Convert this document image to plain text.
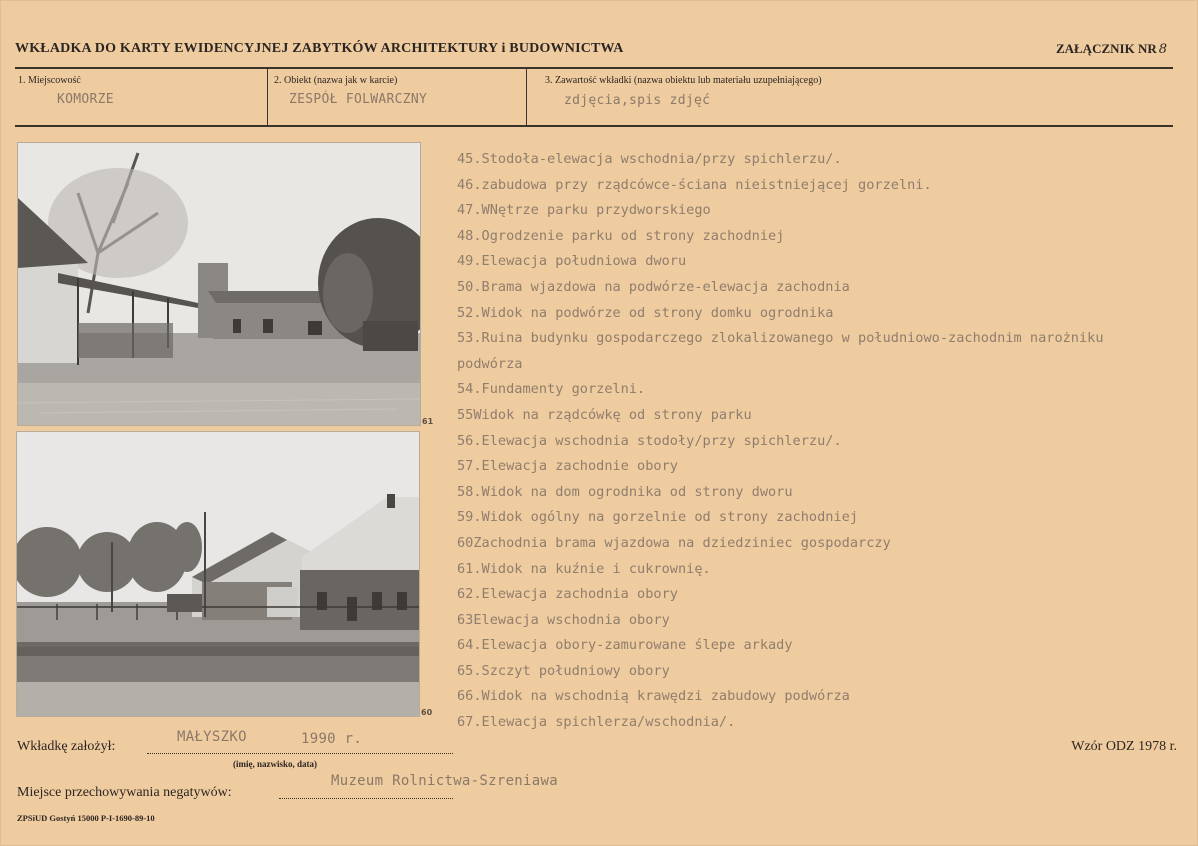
WKŁADKA DO KARTY EWIDENCYJNEJ ZABYTKÓW ARCHITEKTURY i BUDOWNICTWA	ZAŁĄCZNIK NR 8
1. Miejscowość
KOMORZE
2. Obiekt (nazwa jak w karcie)
ZESPÓŁ FOLWARCZNY
3. Zawartość wkładki (nazwa obiektu lub materiału uzupełniającego)
zdjęcia,spis zdjęć
61
60
45.Stodoła-elewacja wschodnia/przy spichlerzu/.
46.zabudowa przy rządcówce-ściana nieistniejącej gorzelni.
47.WNętrze parku przydworskiego
48.Ogrodzenie parku od strony zachodniej
49.Elewacja południowa dworu
50.Brama wjazdowa na podwórze-elewacja zachodnia
52.Widok na podwórze od strony domku ogrodnika
53.Ruina budynku gospodarczego zlokalizowanego w południowo-zachodnim narożniku podwórza
54.Fundamenty gorzelni.
55Widok na rządcówkę od strony parku
56.Elewacja wschodnia stodoły/przy spichlerzu/.
57.Elewacja zachodnie obory
58.Widok na dom ogrodnika od strony dworu
59.Widok ogólny na gorzelnie od strony zachodniej
60Zachodnia brama wjazdowa na dziedziniec gospodarczy
61.Widok na kuźnie i cukrownię.
62.Elewacja zachodnia obory
63Elewacja wschodnia obory
64.Elewacja obory-zamurowane ślepe arkady
65.Szczyt południowy obory
66.Widok na wschodnią krawędzi zabudowy podwórza
67.Elewacja spichlerza/wschodnia/.
Wkładkę założył:
MAŁYSZKO	1990 r.
(imię, nazwisko, data)
Wzór ODZ 1978 r.
Muzeum Rolnictwa-Szreniawa
Miejsce przechowywania negatywów:
ZPSiUD Gostyń 15000 P-I-1690-89-10
